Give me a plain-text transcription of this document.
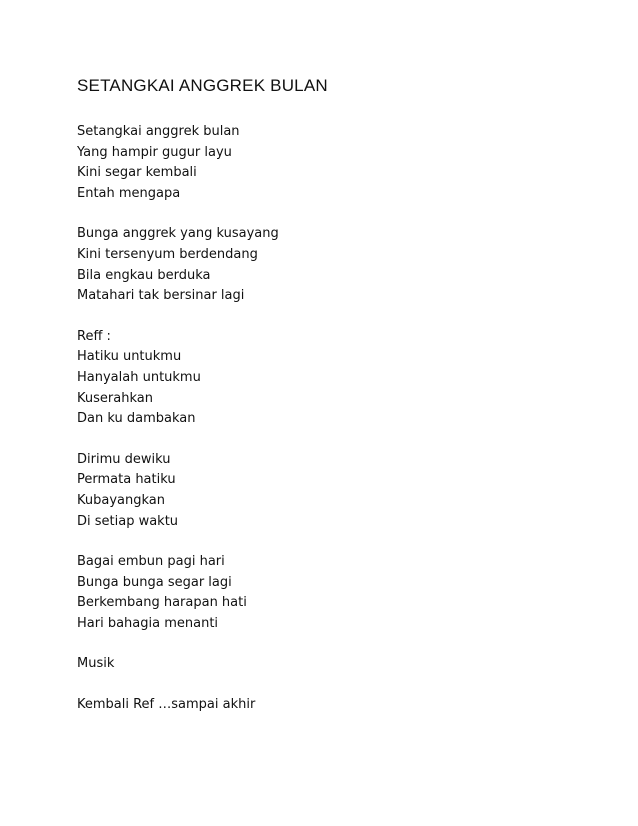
SETANGKAI ANGGREK BULAN
Setangkai anggrek bulan
Yang hampir gugur layu
Kini segar kembali
Entah mengapa
Bunga anggrek yang kusayang
Kini tersenyum berdendang
Bila engkau berduka
Matahari tak bersinar lagi
Reff :
Hatiku untukmu
Hanyalah untukmu
Kuserahkan
Dan ku dambakan
Dirimu dewiku
Permata hatiku
Kubayangkan
Di setiap waktu
Bagai embun pagi hari
Bunga bunga segar lagi
Berkembang harapan hati
Hari bahagia menanti
Musik
Kembali Ref …sampai akhir
